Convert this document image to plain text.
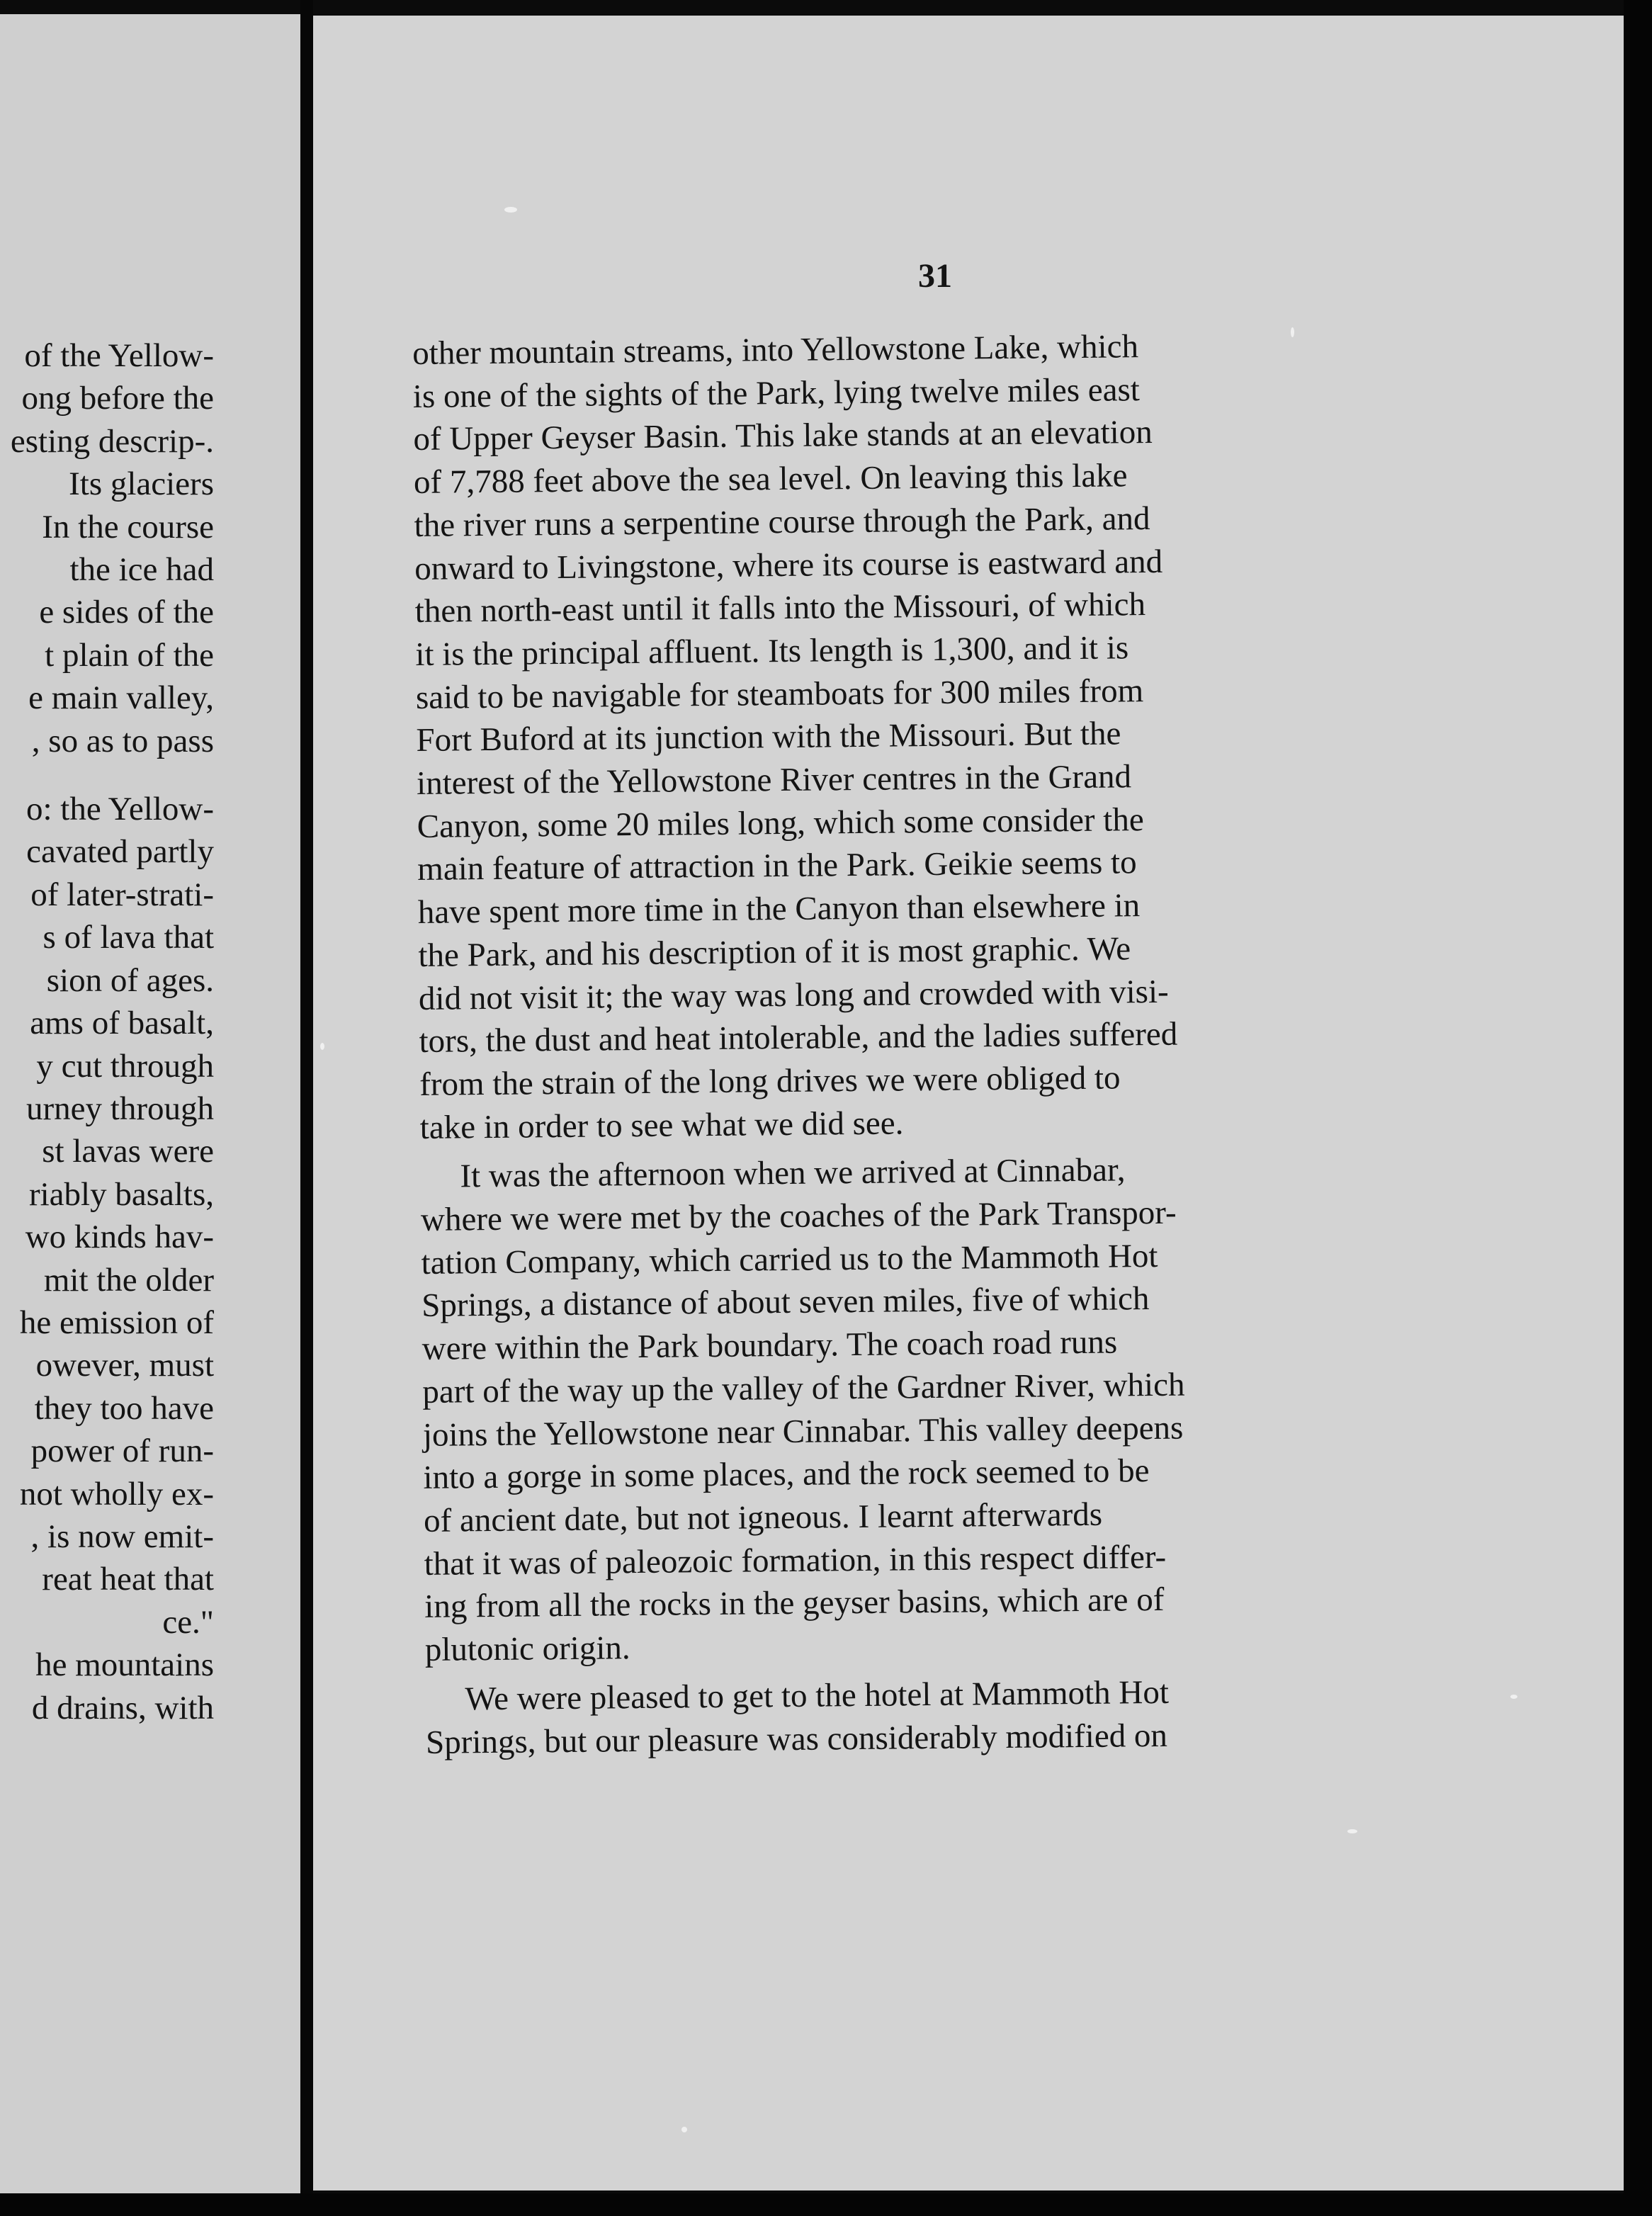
of the Yellow-
ong before the
esting descrip-.
Its glaciers
In the course
the ice had
e sides of the
t plain of the
e main valley,
, so as to pass
o: the Yellow-
cavated partly
of later-strati-
s of lava that
sion of ages.
ams of basalt,
y cut through
urney through
st lavas were
riably basalts,
wo kinds hav-
mit the older
he emission of
owever, must
they too have
power of run-
not wholly ex-
, is now emit-
reat heat that
ce."
he mountains
d drains, with
31
other mountain streams, into Yellowstone Lake, which
is one of the sights of the Park, lying twelve miles east
of Upper Geyser Basin. This lake stands at an elevation
of 7,788 feet above the sea level. On leaving this lake
the river runs a serpentine course through the Park, and
onward to Livingstone, where its course is eastward and
then north-east until it falls into the Missouri, of which
it is the principal affluent. Its length is 1,300, and it is
said to be navigable for steamboats for 300 miles from
Fort Buford at its junction with the Missouri. But the
interest of the Yellowstone River centres in the Grand
Canyon, some 20 miles long, which some consider the
main feature of attraction in the Park. Geikie seems to
have spent more time in the Canyon than elsewhere in
the Park, and his description of it is most graphic. We
did not visit it; the way was long and crowded with visi-
tors, the dust and heat intolerable, and the ladies suffered
from the strain of the long drives we were obliged to
take in order to see what we did see.
It was the afternoon when we arrived at Cinnabar,
where we were met by the coaches of the Park Transpor-
tation Company, which carried us to the Mammoth Hot
Springs, a distance of about seven miles, five of which
were within the Park boundary. The coach road runs
part of the way up the valley of the Gardner River, which
joins the Yellowstone near Cinnabar. This valley deepens
into a gorge in some places, and the rock seemed to be
of ancient date, but not igneous. I learnt afterwards
that it was of paleozoic formation, in this respect differ-
ing from all the rocks in the geyser basins, which are of
plutonic origin.
We were pleased to get to the hotel at Mammoth Hot
Springs, but our pleasure was considerably modified on
